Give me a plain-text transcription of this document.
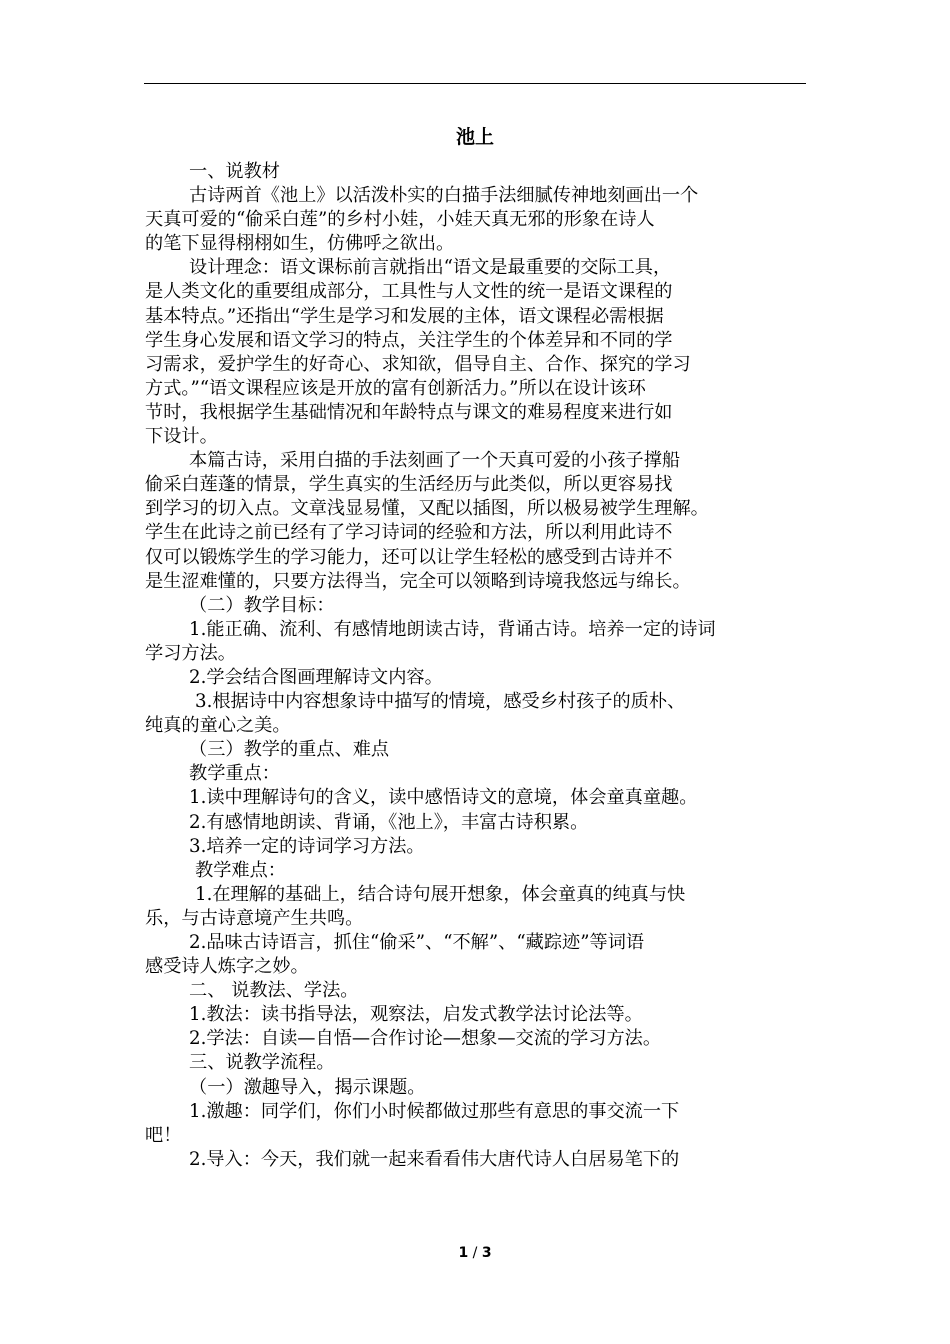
池上
一、说教材
古诗两首《池上》以活泼朴实的白描手法细腻传神地刻画出一个
天真可爱的“偷采白莲”的乡村小娃，小娃天真无邪的形象在诗人
的笔下显得栩栩如生，仿佛呼之欲出。
设计理念：语文课标前言就指出“语文是最重要的交际工具，
是人类文化的重要组成部分，工具性与人文性的统一是语文课程的
基本特点。”还指出“学生是学习和发展的主体，语文课程必需根据
学生身心发展和语文学习的特点，关注学生的个体差异和不同的学
习需求，爱护学生的好奇心、求知欲，倡导自主、合作、探究的学习
方式。”“语文课程应该是开放的富有创新活力。”所以在设计该环
节时，我根据学生基础情况和年龄特点与课文的难易程度来进行如
下设计。
本篇古诗，采用白描的手法刻画了一个天真可爱的小孩子撑船
偷采白莲蓬的情景，学生真实的生活经历与此类似，所以更容易找
到学习的切入点。文章浅显易懂，又配以插图，所以极易被学生理解。
学生在此诗之前已经有了学习诗词的经验和方法，所以利用此诗不
仅可以锻炼学生的学习能力，还可以让学生轻松的感受到古诗并不
是生涩难懂的，只要方法得当，完全可以领略到诗境我悠远与绵长。
（二）教学目标：
1.能正确、流利、有感情地朗读古诗，背诵古诗。培养一定的诗词
学习方法。
2.学会结合图画理解诗文内容。
3.根据诗中内容想象诗中描写的情境，感受乡村孩子的质朴、
纯真的童心之美。
（三）教学的重点、难点
教学重点：
1.读中理解诗句的含义，读中感悟诗文的意境，体会童真童趣。
2.有感情地朗读、背诵，《池上》，丰富古诗积累。
3.培养一定的诗词学习方法。
教学难点：
1.在理解的基础上，结合诗句展开想象，体会童真的纯真与快
乐，与古诗意境产生共鸣。
2.品味古诗语言，抓住“偷采”、“不解”、“藏踪迹”等词语
感受诗人炼字之妙。
二、 说教法、学法。
1.教法：读书指导法，观察法，启发式教学法讨论法等。
2.学法：自读—自悟—合作讨论—想象—交流的学习方法。
三、说教学流程。
（一）激趣导入，揭示课题。
1.激趣：同学们，你们小时候都做过那些有意思的事交流一下
吧！
2.导入：今天，我们就一起来看看伟大唐代诗人白居易笔下的
1 / 3
